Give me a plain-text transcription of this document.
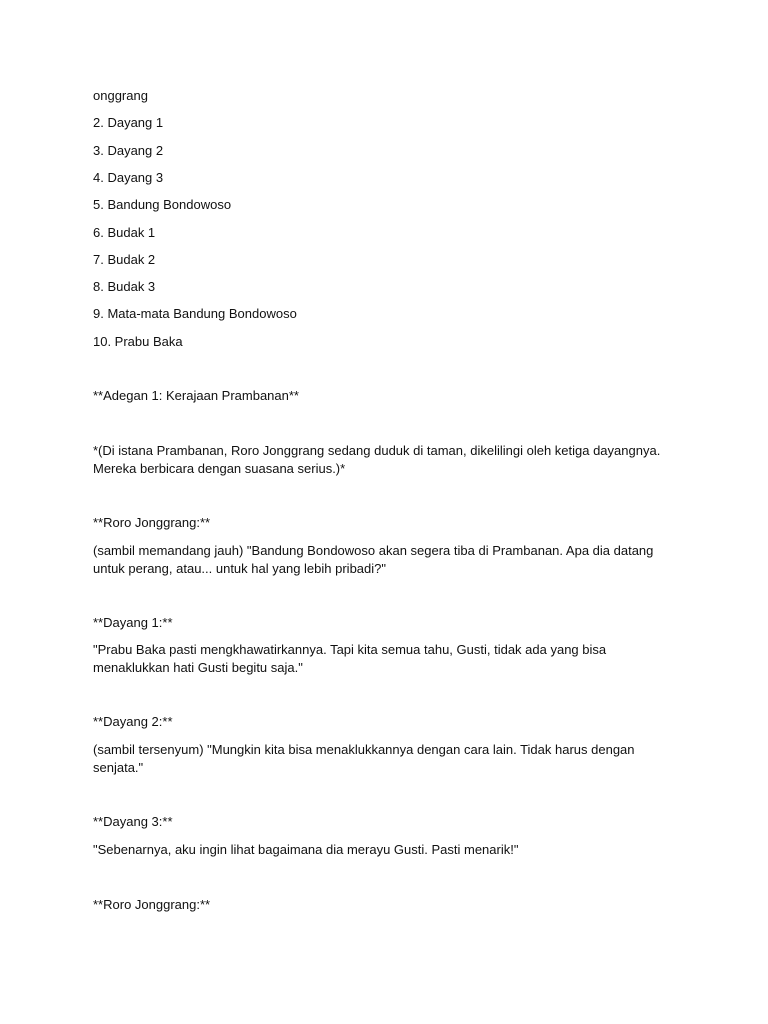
onggrang

2. Dayang 1

3. Dayang 2

4. Dayang 3

5. Bandung Bondowoso

6. Budak 1

7. Budak 2

8. Budak 3

9. Mata-mata Bandung Bondowoso

10. Prabu Baka

**Adegan 1: Kerajaan Prambanan**

*(Di istana Prambanan, Roro Jonggrang sedang duduk di taman, dikelilingi oleh ketiga dayangnya. Mereka berbicara dengan suasana serius.)*

**Roro Jonggrang:**

(sambil memandang jauh) "Bandung Bondowoso akan segera tiba di Prambanan. Apa dia datang untuk perang, atau... untuk hal yang lebih pribadi?"

**Dayang 1:**

"Prabu Baka pasti mengkhawatirkannya. Tapi kita semua tahu, Gusti, tidak ada yang bisa menaklukkan hati Gusti begitu saja."

**Dayang 2:**

(sambil tersenyum) "Mungkin kita bisa menaklukkannya dengan cara lain. Tidak harus dengan senjata."

**Dayang 3:**

"Sebenarnya, aku ingin lihat bagaimana dia merayu Gusti. Pasti menarik!"

**Roro Jonggrang:**
